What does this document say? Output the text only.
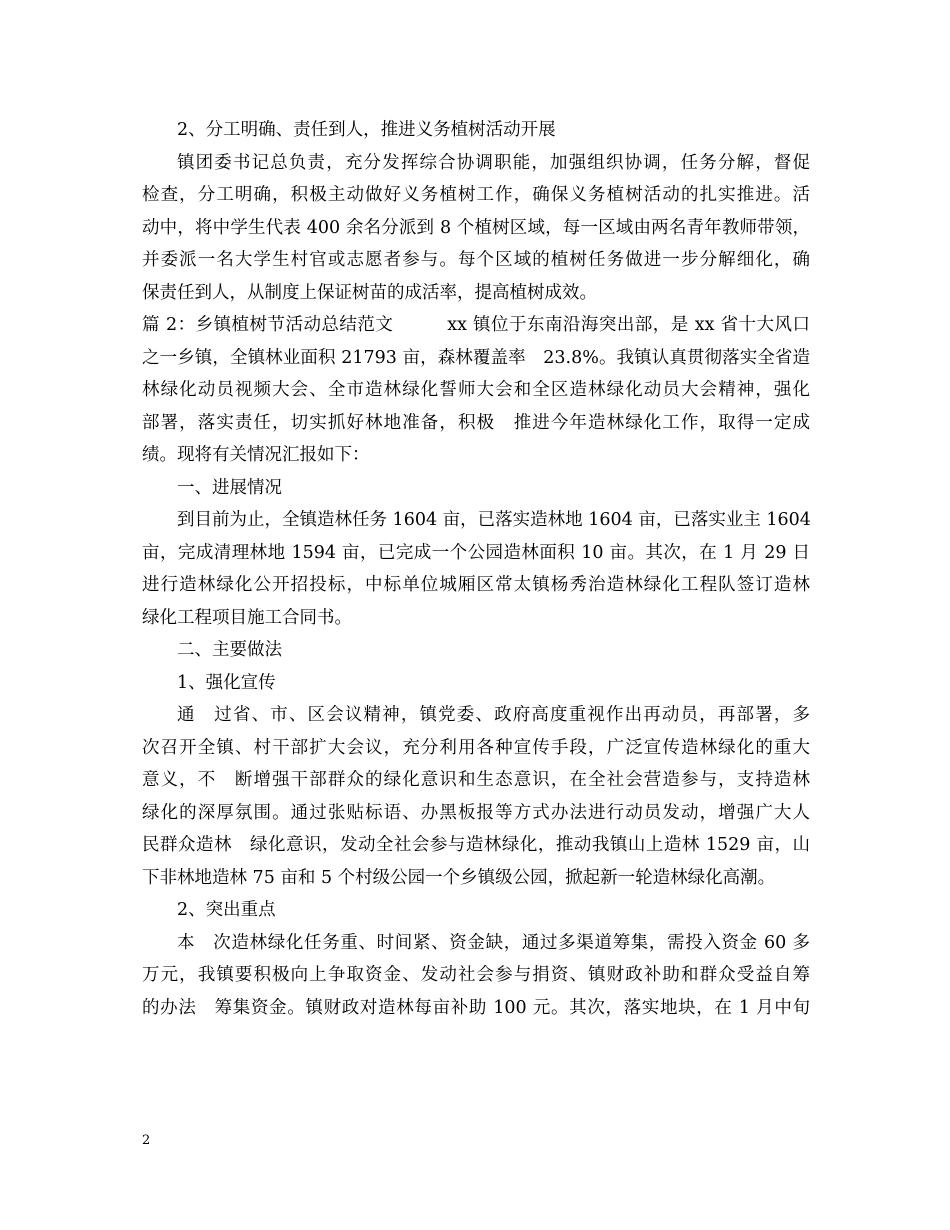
2、分工明确、责任到人，推进义务植树活动开展
镇团委书记总负责，充分发挥综合协调职能，加强组织协调，任务分解，督促
检查，分工明确，积极主动做好义务植树工作，确保义务植树活动的扎实推进。活
动中，将中学生代表 400 余名分派到 8 个植树区域，每一区域由两名青年教师带领，
并委派一名大学生村官或志愿者参与。每个区域的植树任务做进一步分解细化，确
保责任到人，从制度上保证树苗的成活率，提高植树成效。
篇 2：乡镇植树节活动总结范文　　　xx 镇位于东南沿海突出部，是 xx 省十大风口
之一乡镇，全镇林业面积 21793 亩，森林覆盖率　23.8%。我镇认真贯彻落实全省造
林绿化动员视频大会、全市造林绿化誓师大会和全区造林绿化动员大会精神，强化
部署，落实责任，切实抓好林地准备，积极　推进今年造林绿化工作，取得一定成
绩。现将有关情况汇报如下：
一、进展情况
到目前为止，全镇造林任务 1604 亩，已落实造林地 1604 亩，已落实业主 1604
亩，完成清理林地 1594 亩，已完成一个公园造林面积 10 亩。其次，在 1 月 29 日
进行造林绿化公开招投标，中标单位城厢区常太镇杨秀治造林绿化工程队签订造林
绿化工程项目施工合同书。
二、主要做法
1、强化宣传
通　过省、市、区会议精神，镇党委、政府高度重视作出再动员，再部署，多
次召开全镇、村干部扩大会议，充分利用各种宣传手段，广泛宣传造林绿化的重大
意义，不　断增强干部群众的绿化意识和生态意识，在全社会营造参与，支持造林
绿化的深厚氛围。通过张贴标语、办黑板报等方式办法进行动员发动，增强广大人
民群众造林　绿化意识，发动全社会参与造林绿化，推动我镇山上造林 1529 亩，山
下非林地造林 75 亩和 5 个村级公园一个乡镇级公园，掀起新一轮造林绿化高潮。
2、突出重点
本　次造林绿化任务重、时间紧、资金缺，通过多渠道筹集，需投入资金 60 多
万元，我镇要积极向上争取资金、发动社会参与捐资、镇财政补助和群众受益自筹
的办法　筹集资金。镇财政对造林每亩补助 100 元。其次，落实地块，在 1 月中旬
2
